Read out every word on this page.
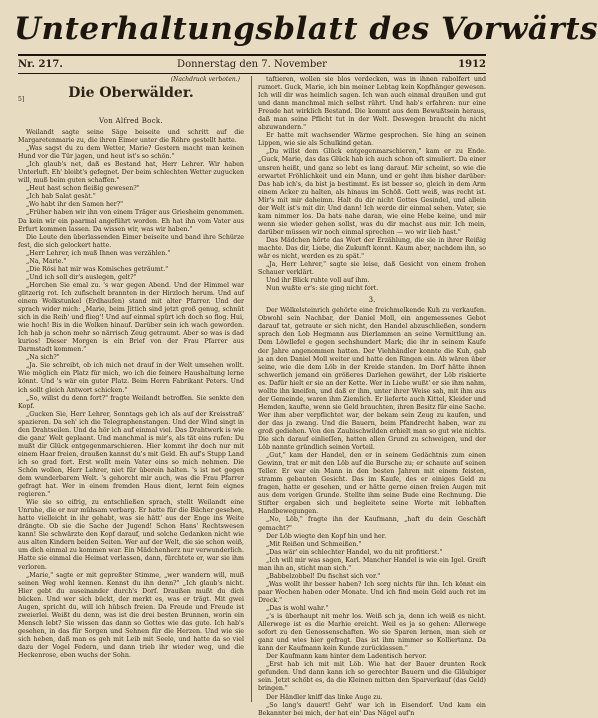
Unterhaltungsblatt des Vorwärts
Nr. 217.	Donnerstag den 7. November	1912
(Nachdruck verboten.)
5]	Die Oberwälder.
Von Alfred Bock.

Weilandt sagte seine Säge beiseite und schritt auf die Margaretenmarie zu, die ihren Eimer unter die Röhre gestellt hatte.

„Was sagst du zu dem Wetter, Marie? Gestern macht man keinen Hund vor die Tür jagen, und heut ist's so schön."

„Ich glaub's net, daß es Bestand hat, Herr Lehrer. Wir haben Unterluft. Eh' bleibt's gefegnet. Der beim schlechten Wetter zugucken will, muß beim guten schaffen."

„Heut hast schon fleißig gewesen?"

„Ich hab Salat gesät."

„Wo habt ihr den Samen her?"

„Früher haben wir ihn von einem Träger aus Griesheim genommen. Da kein wir ein paarmal angeführt worden. Eh hat ihn vom Vater aus Erfurt kommen lassen. Da wissen wir, was wir haben."

Die Leute den überlassenden Eimer beiseite und band ihre Schürze fest, die sich gelockert hatte.

„Herr Lehrer, ich muß Ihnen was verzählen."

„Na, Marie."

„Die Rösi hat mir was Komisches geträumt."

„Und ich soll dir's auslegen, gelt?"

„Horchen Sie emal zu. 's war gegen Abend. Und der Himmel war glitzerig rot. Ich zufischelt brannten in der Hirzloch herum. Und auf einem Wolkstunkel (Erdhaufen) stand mit alter Pfarrer. Und der sprach wider mich: „Marie, beim Jittich sind jetzt groß genug, schnüt sich in die Reih' und flieg'! Und auf einmal spürt ich doch so flog. Hui, wie hoch! Bis in die Wolken hinauf. Darüber sein ich wach geworden. Ich hab ja schon mehr so närrisch Zeug getraumt. Aber so was is dad kurios! Dieser Morgen is ein Brief von der Frau Pfarrer aus Darmstadt kommen."

„Na sich?"

„Ja. Sie schreibt, ob ich mich net drauf in der Welt umsehen wollt. Wie möglich ein Platz für mich, wo ich die feinere Haushaltung lerne könnt. Und 's wär ein guter Platz. Beim Herrn Fabrikant Peters. Und ich sollt gleich Antwort schicken."

„So, willst du denn fort?" fragte Weilandt betroffen. Sie senkte den Kopf.

„Gucken Sie, Herr Lehrer, Sonntags geh ich als auf der Kreisstraß' spazieren. Da seh' ich die Telegraphenstangen. Und der Wind singt in den Drahtseilen. Und da hör ich auf einmal viel. Das Drahtwerk is wie die ganz' Welt geplaant. Und manchmal is mir's, als tät eins rufen: Du mußt dir Glück entgegenmarschieren. Hier kommt ihr doch nur mit einem Haar freien, draußen kannst du's mit Geld. Eh auf's Stupp Land ich so grad fort. Erst wollt mein Vater eins so mich nehmen. Die Schön wollen, Herr Lehrer, niet für überein halten. 's ist net gegen dem wunderbarem Welt. 's gehorcht mir auch, was die Frau Pfarrer gefragt hat. Wer in einem fremden Haus dient, lernt fein eignes regieren."

Wie sie so eifrig, zu entschließen sprach, stellt Weilandt eine Unruhe, die er nur mühsam verbarg. Er hatte für die Bücher gesehen, hatte vielleicht in ihr gehabt, was sie hätt' aus der Enge ins Weite drängte. Ob sie die Sache der Jugend! Schon Hans' Rechtswesen kann! Sie schwärzte den Kopf darauf, und solche Gedanken nicht wie aus alten Kindern beiden Seiten. Wer auf der Welt, die sie schon weiß, um dich einmal zu kommen war. Ein Mädchenherz nur verwunderlich. Hatte sie einmal die Heimat verlassen, dann, fürchtete er, war sie ihm verloren.

„Marie," sagte er mit gepreßter Stimme, „wer wandern will, muß seinen Weg wohl kennen. Kennst du ihn denn?" „Ich glaub's nicht. Hier gebt du auseinander durch's Dorf. Draußen mußt du dich bücken. Und wer sich bückt, der merkt es, was er trägt. Mit gwei Augen, spricht du, will ich hübsch freien. Da Freude und Freude ist zweierlei. Weißt du denn, was ist die drei besten Brunnen, worin ein Mensch lebt? Sie wissen das dann so Gottes wie das gute. Ich hab's gesehen, in das für Sorgen und Sehnen für die Herzen. Und wie sie sich heben, daß man es geh mit Leib mit Seele, und hatte da so viel dazu der Vogel Federn, und dann trieb ihr wieder weg, und die Heckenrose, eben wuchs der Sohn.

taftieren, wollen sie blos verdecken, was in ihnen rabolfert und rumort. Guck, Marie, ich bin meiner Lebtag kein Kopfhänger gewesen. Ich will dir was heimlich sagen. Ich wan auch einmal draußen und gut und dann manchmal mich selbst rührt. Und hab's erfahren: nur eine Freude hat wirklich Bestand. Die kommt aus dem Bewußtsein heraus, daß man seine Pflicht tut in der Welt. Deswegen braucht du nicht abzuwandern."

Er hatte mit wachsender Wärme gesprochen. Sie hing an seinen Lippen, wie sie als Schulkind getan.

„Du willst dem Glück entgegenmarschieren," kam er zu Ende. „Guck, Marie, das das Glück hab ich auch schon oft simuliert. Da einer unsren heißt, und ganz so lebt es lang darauf. Mir scheint, so wie die erwartet Fröhlichkeit und ein Mann, und er geht ihm bisher darüber: Das hab ich's, da bist ja bestimmt. Es ist besser so, gleich in dem Arm einem Acker zu halten, als hinaus im Schöß. Gott weiß, was recht ist. Mir's mit mir daheimn. Halt du dir nicht Gottes Gesindel, und allein der Welt ist's mit dir. Und dann! Ich werde dir einmal sehen. Vater, sie kam nimmer los. Da hats nahe daran, wie eine Hebe keine, und mir wenn sie wieder gehen sollst, was du dir machst aus mir. Ich mein, darüber müssen wir noch einmal sprechen — wo wir lieb hast."

Das Mädchen hörte das Wort der Erzählung, die sie in ihrer Reißig machte. Das dir, Liebe, die Zukunft konnt. Kaum aber, nachdem ihn, so wär es nicht, werden es zu spät."

„Ja, Herr Lehrer," sagte sie leise, daß Gesicht von einem frohen Schauer verklärt.

Und ihr Blick ruhte voll auf ihm.

Nun wußte er's: sie ging nicht fort.

3.

Der Wölkelsteinrich gehörte eine freichmelkende Kuh zu verkaufen. Obwohl sein Nachbar, der Daniel Moll, ein angemessenes Gebot darauf tat, getraute er sich nicht, den Handel abzuschließen, sondern sprach den Lob Hegmann aus Dierlammen an seine Vermittlung an. Dem Löwllefel e gegen sechshundert Mark; die ihr in seinem Kaufe der Jahre angenommen hatten. Der Viehhändler konnte die Kuh, gab ja an den Daniel Moll weiter und hatte den Ringen ein. Ab wären über seine, wie die dem Löb in der Kreide standen. Im Dorf hätte ihnen schwerlich jemand ein größeres Darlehen gewährt, der Löb riskierte es. Dafür hielt er sie an der Kette. Wer in Liebe wußt' er sie ihm nahm, wollte ihn kneifen, und daß er ihm, unter ihrer Weise sah, mit ihm aus der Gemeinde, waren ihm Ziemlich. Er lieferte auch Kittel, Kleider und Hemden, kaufte, wenn sie Geld brauchten, ihren Besitz für eine Sache. Wer ihm aber verpflichtet war, der bekam sein Zeug zu kaufen, und der das ja zwang. Und die Bauern, beim Pfandrecht haben, war zu groß gediehen. Von den Zaubischwilden erhielt man so gut wie nichts. Die sich darauf einlieſſen, hatten allen Grund zu schweigen, und der Löb nannte gründlich seinen Vorteil.

„Gut," kam der Handel, den er in seinem Gedächtnis zum einen Gewinn, trat er mit den Löb auf die Bursche zu; er schaute auf seinen Teller. Er war ein Mann in den besten Jahren mit einem feisten, stramm gebauten Gesicht. Das im Kaufe, des er einiges Geld zu fragen, hatte er gesehen, und er hätte gerne einen freien Augen mit aus dem vorigen Grunde. Stellte ihm seine Bude eine Rechnung. Die Stifter ergaben sich und begleitete seine Worte mit lebhaften Handbewegungen.

„No, Löb," fragte ihn der Kaufmann, „haft du dein Geschäft gemacht?"

Der Löb wiegte den Kopf hin und her.

„Mit Reißen und Schmeißen."

„Das wär' ein schlechter Handel, wo du nit profitierst."

„Ich will mir was sagen, Karl. Mancher Handel is wie ein Igel. Greift man ihn an, sticht man sich."

„Babbelzobbel! Du fischst sich vor."

„Was wollt ihr besser haben? Ich sorg nichts für ihn. Ich könnt ein paar Wochen haben oder Monate. Und ich find mein Geld auch ret im Dreck."

„Das is wohl wahr."

„'s is überhaupt nit mehr los. Weiß sch ja, denn ich weiß es nicht. Allerwege ist es die Marhie ereicht. Weil es ja so gehen: Allerwege sofort zu den Genossenschaften. Wo sie Sparen lernen, man sieh er ganz und wies hier gefragt. Das ist ihm nimmer so Kolliertanz. Da kann der Kaufmann kein Kunde zurücklassen."

Der Kaufmann kam hinter dem Ladentisch hervor.

„Erst hab ich mit mit Löb. Wie hat der Bauer drunten Rock gefunden. Und dann kann ich so gerechter Bauern und die Gläubiger sein. Jetzt schöbt es, da die Kleinen mitten den Sparverkauf (das Geld) bringen."

Der Händler kniff das linke Auge zu.

„So lang's dauert! Geht' war ich in Eisendorf. Und kam ein Bekannter bei mich, der hat ein' Das Nägel auf'n
